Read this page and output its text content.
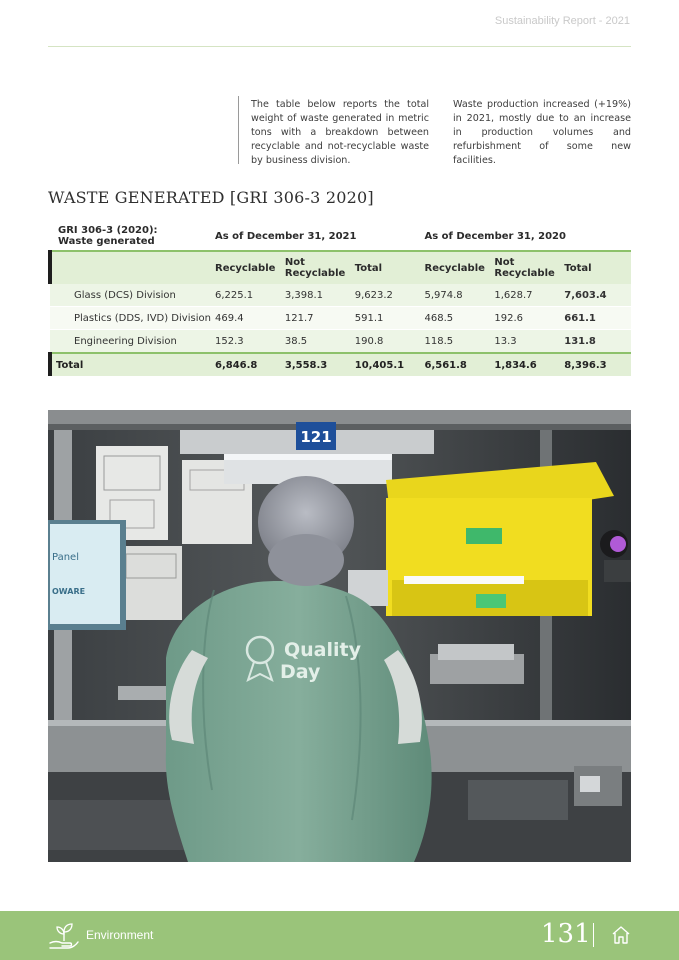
Sustainability Report - 2021
The table below reports the total weight of waste generated in metric tons with a breakdown between recyclable and not-recyclable waste by business division.
Waste production increased (+19%) in 2021, mostly due to an increase in production volumes and refurbishment of some new facilities.
WASTE GENERATED [GRI 306-3 2020]
GRI 306-3 (2020):
Waste generated	As of December 31, 2021			As of December 31, 2020		
	Recyclable	Not Recyclable	Total	Recyclable	Not Recyclable	Total
Glass (DCS) Division	6,225.1	3,398.1	9,623.2	5,974.8	1,628.7	7,603.4
Plastics (DDS, IVD) Division	469.4	121.7	591.1	468.5	192.6	661.1
Engineering Division	152.3	38.5	190.8	118.5	13.3	131.8
Total	6,846.8	3,558.3	10,405.1	6,561.8	1,834.6	8,396.3
Panel
OWARE
121
Quality
Day
Environment	131
